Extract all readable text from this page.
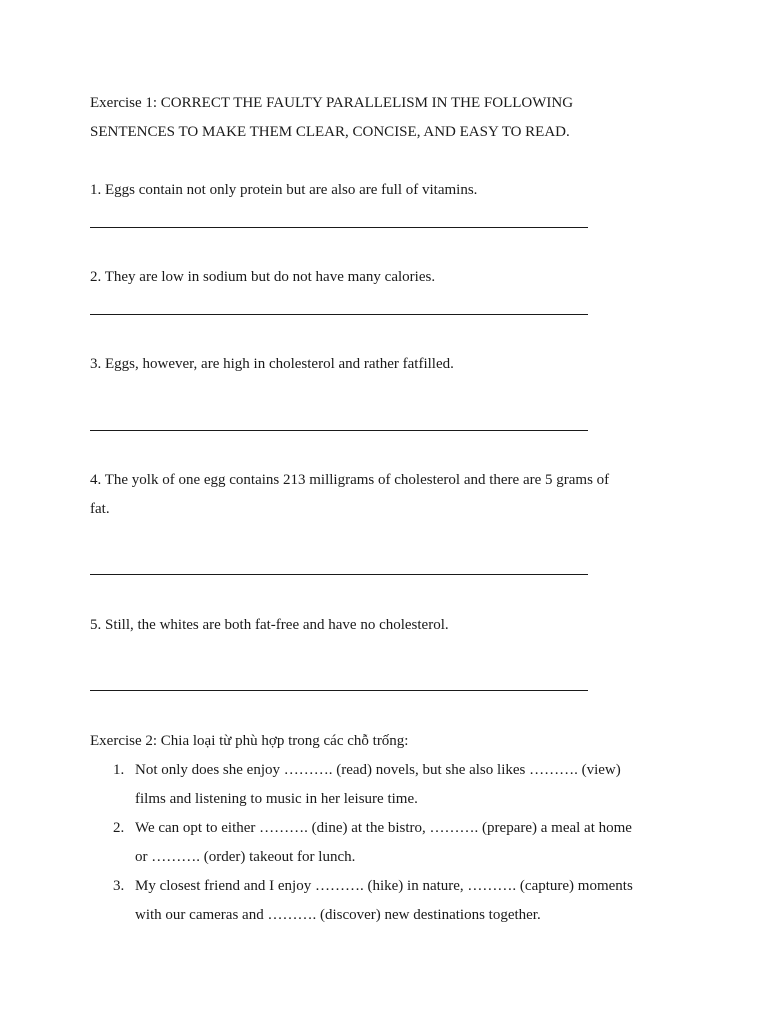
Exercise 1: CORRECT THE FAULTY PARALLELISM IN THE FOLLOWING
SENTENCES TO MAKE THEM CLEAR, CONCISE, AND EASY TO READ.
1. Eggs contain not only protein but are also are full of vitamins.
2. They are low in sodium but do not have many calories.
3. Eggs, however, are high in cholesterol and rather fatfilled.
4. The yolk of one egg contains 213 milligrams of cholesterol and there are 5 grams of
fat.
5. Still, the whites are both fat-free and have no cholesterol.
Exercise 2: Chia loại từ phù hợp trong các chỗ trống:
1. Not only does she enjoy ………. (read) novels, but she also likes ………. (view)
films and listening to music in her leisure time.
2. We can opt to either ………. (dine) at the bistro, ………. (prepare) a meal at home
or ………. (order) takeout for lunch.
3. My closest friend and I enjoy ………. (hike) in nature, ………. (capture) moments
with our cameras and ………. (discover) new destinations together.
